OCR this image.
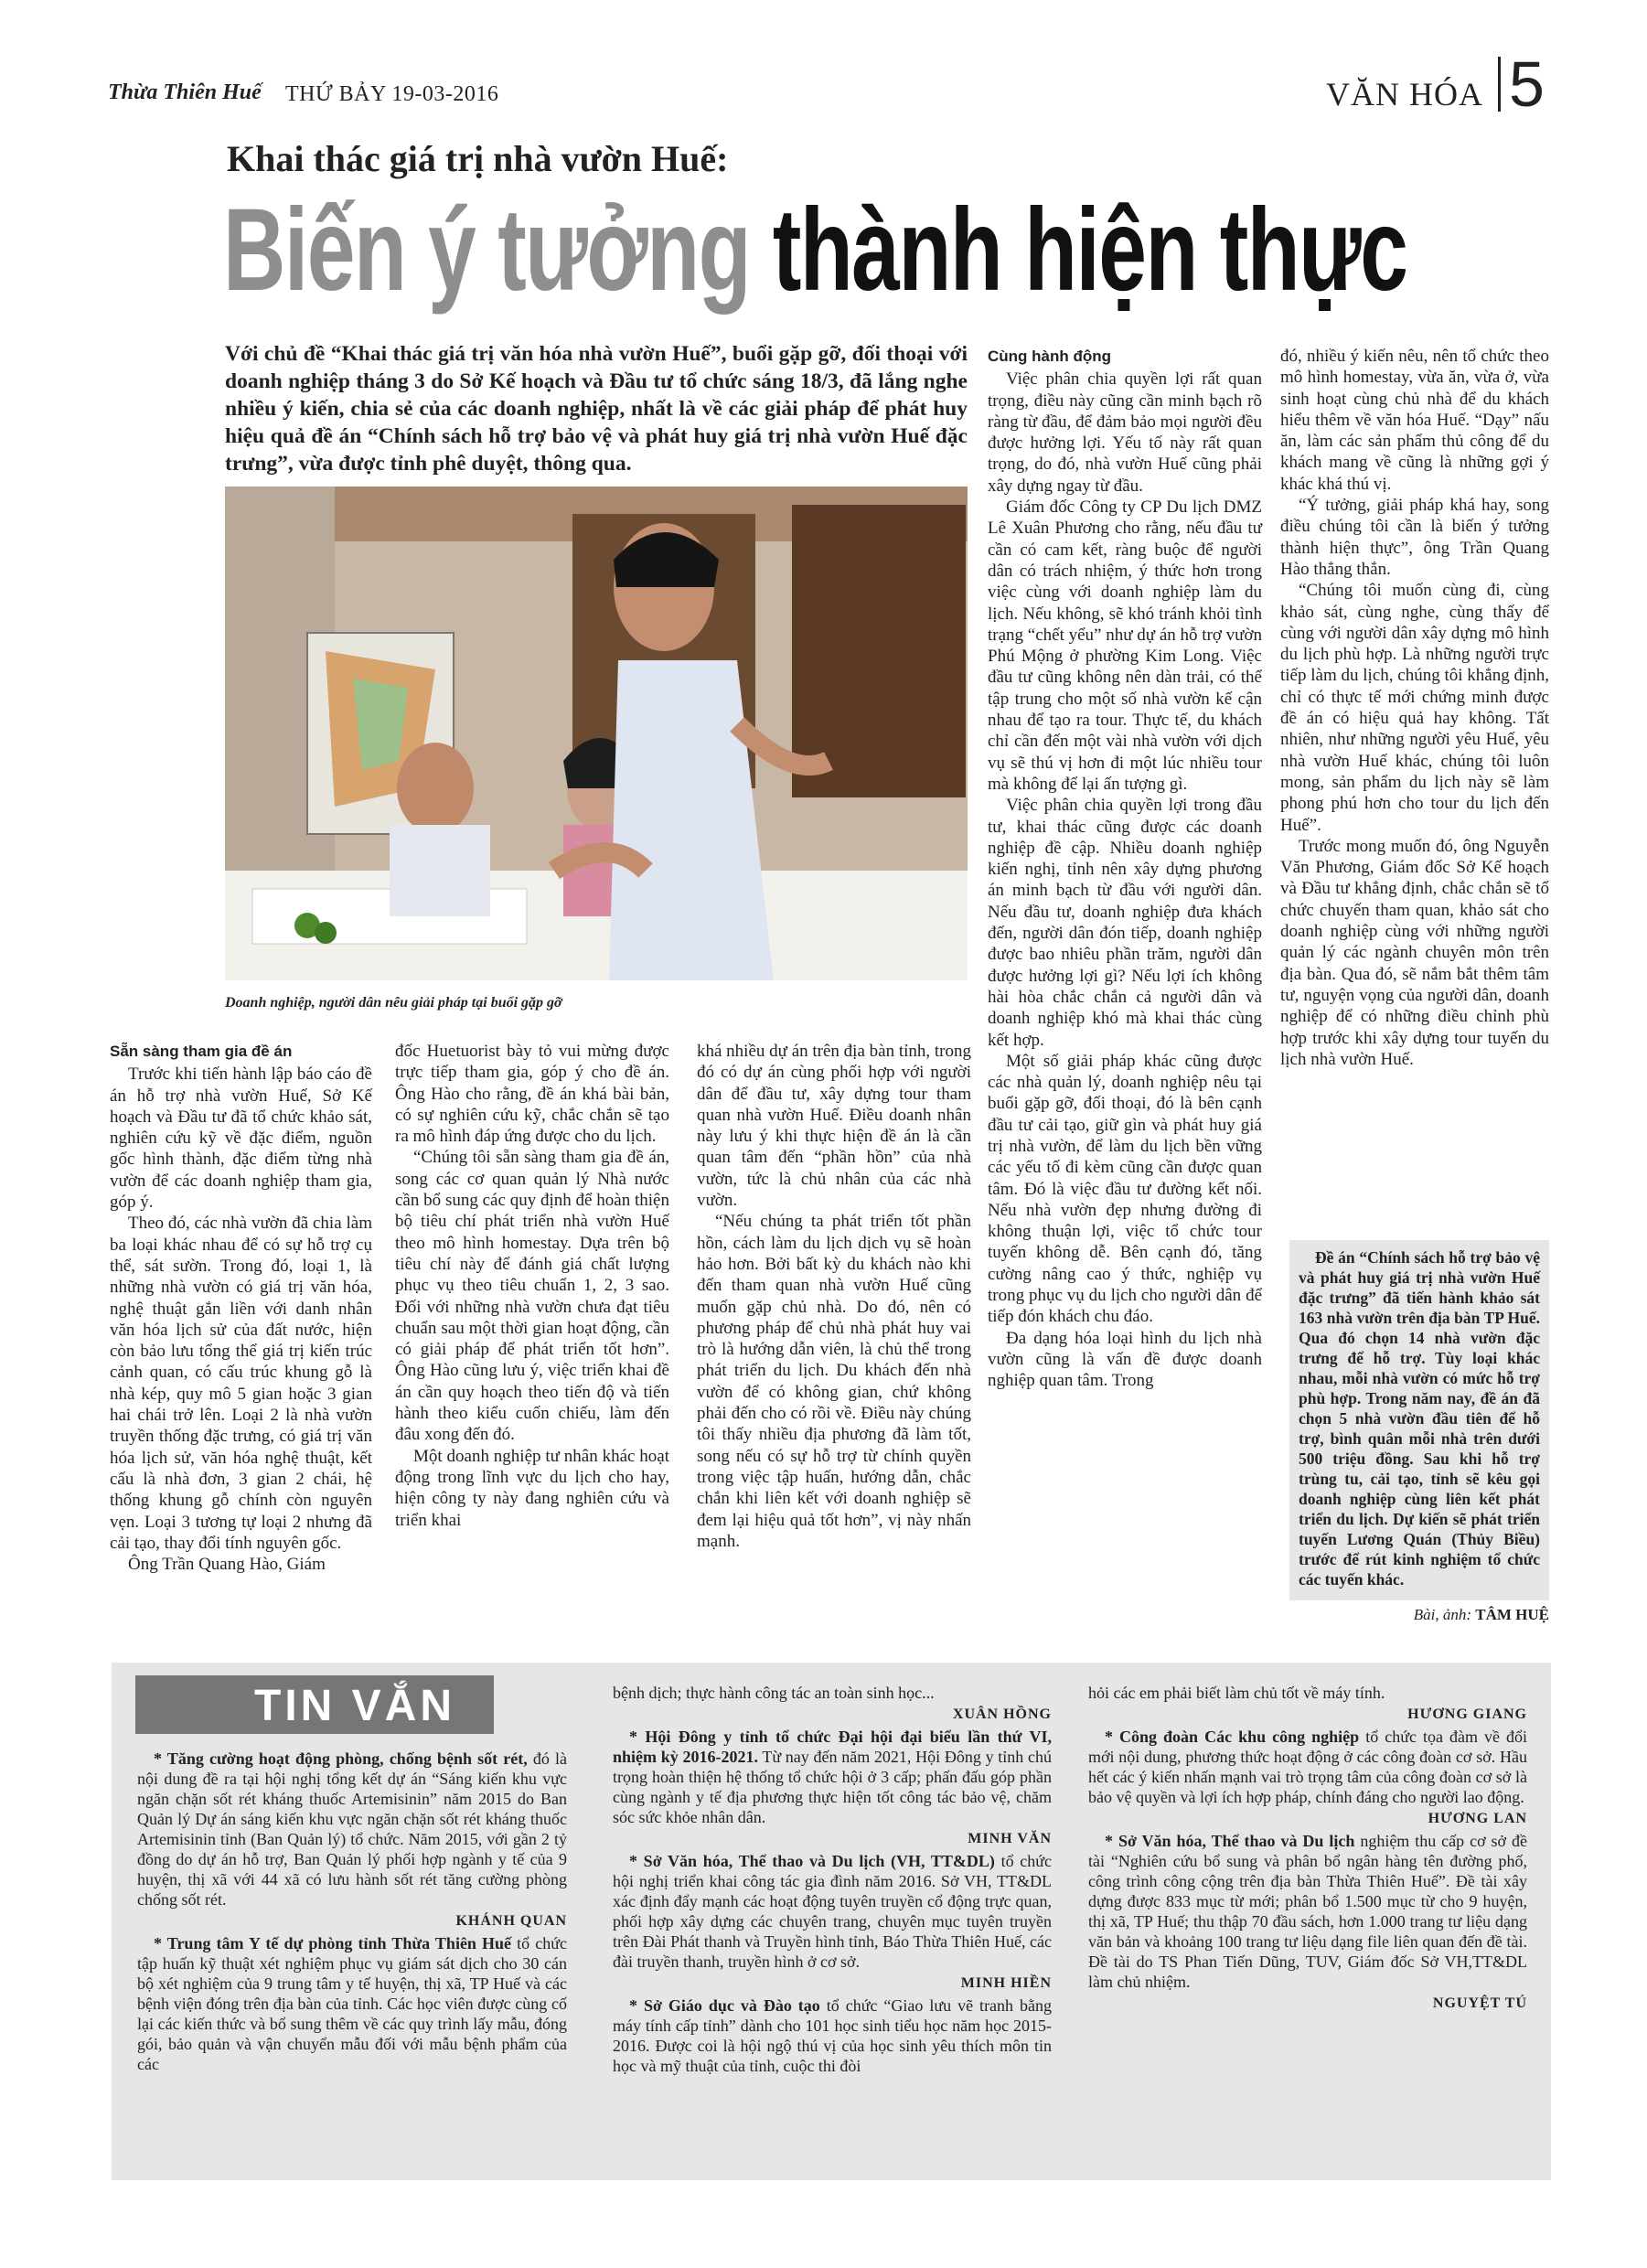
Thừa Thiên Huế THỨ BẢY 19-03-2016	VĂN HÓA 5
Khai thác giá trị nhà vườn Huế:
Biến ý tưởng thành hiện thực
Với chủ đề “Khai thác giá trị văn hóa nhà vườn Huế”, buổi gặp gỡ, đối thoại với doanh nghiệp tháng 3 do Sở Kế hoạch và Đầu tư tổ chức sáng 18/3, đã lắng nghe nhiều ý kiến, chia sẻ của các doanh nghiệp, nhất là về các giải pháp để phát huy hiệu quả đề án “Chính sách hỗ trợ bảo vệ và phát huy giá trị nhà vườn Huế đặc trưng”, vừa được tỉnh phê duyệt, thông qua.
Doanh nghiệp, người dân nêu giải pháp tại buổi gặp gỡ

Sẵn sàng tham gia đề án

Trước khi tiến hành lập báo cáo đề án hỗ trợ nhà vườn Huế, Sở Kế hoạch và Đầu tư đã tổ chức khảo sát, nghiên cứu kỹ về đặc điểm, nguồn gốc hình thành, đặc điểm từng nhà vườn để các doanh nghiệp tham gia, góp ý.

Theo đó, các nhà vườn đã chia làm ba loại khác nhau để có sự hỗ trợ cụ thể, sát sườn. Trong đó, loại 1, là những nhà vườn có giá trị văn hóa, nghệ thuật gắn liền với danh nhân văn hóa lịch sử của đất nước, hiện còn bảo lưu tổng thể giá trị kiến trúc cảnh quan, có cấu trúc khung gỗ là nhà kép, quy mô 5 gian hoặc 3 gian hai chái trở lên. Loại 2 là nhà vườn truyền thống đặc trưng, có giá trị văn hóa lịch sử, văn hóa nghệ thuật, kết cấu là nhà đơn, 3 gian 2 chái, hệ thống khung gỗ chính còn nguyên vẹn. Loại 3 tương tự loại 2 nhưng đã cải tạo, thay đổi tính nguyên gốc.

Ông Trần Quang Hào, Giám

đốc Huetuorist bày tỏ vui mừng được trực tiếp tham gia, góp ý cho đề án. Ông Hào cho rằng, đề án khá bài bản, có sự nghiên cứu kỹ, chắc chắn sẽ tạo ra mô hình đáp ứng được cho du lịch.

“Chúng tôi sẵn sàng tham gia đề án, song các cơ quan quản lý Nhà nước cần bổ sung các quy định để hoàn thiện bộ tiêu chí phát triển nhà vườn Huế theo mô hình homestay. Dựa trên bộ tiêu chí này để đánh giá chất lượng phục vụ theo tiêu chuẩn 1, 2, 3 sao. Đối với những nhà vườn chưa đạt tiêu chuẩn sau một thời gian hoạt động, cần có giải pháp để phát triển tốt hơn”. Ông Hào cũng lưu ý, việc triển khai đề án cần quy hoạch theo tiến độ và tiến hành theo kiểu cuốn chiếu, làm đến đâu xong đến đó.

Một doanh nghiệp tư nhân khác hoạt động trong lĩnh vực du lịch cho hay, hiện công ty này đang nghiên cứu và triển khai

khá nhiều dự án trên địa bàn tỉnh, trong đó có dự án cùng phối hợp với người dân để đầu tư, xây dựng tour tham quan nhà vườn Huế. Điều doanh nhân này lưu ý khi thực hiện đề án là cần quan tâm đến “phần hồn” của nhà vườn, tức là chủ nhân của các nhà vườn.

“Nếu chúng ta phát triển tốt phần hồn, cách làm du lịch dịch vụ sẽ hoàn hảo hơn. Bởi bất kỳ du khách nào khi đến tham quan nhà vườn Huế cũng muốn gặp chủ nhà. Do đó, nên có phương pháp để chủ nhà phát huy vai trò là hướng dẫn viên, là chủ thể trong phát triển du lịch. Du khách đến nhà vườn để có không gian, chứ không phải đến cho có rồi về. Điều này chúng tôi thấy nhiều địa phương đã làm tốt, song nếu có sự hỗ trợ từ chính quyền trong việc tập huấn, hướng dẫn, chắc chắn khi liên kết với doanh nghiệp sẽ đem lại hiệu quả tốt hơn”, vị này nhấn mạnh.

Cùng hành động

Việc phân chia quyền lợi rất quan trọng, điều này cũng cần minh bạch rõ ràng từ đầu, để đảm bảo mọi người đều được hưởng lợi. Yếu tố này rất quan trọng, do đó, nhà vườn Huế cũng phải xây dựng ngay từ đầu.

Giám đốc Công ty CP Du lịch DMZ Lê Xuân Phương cho rằng, nếu đầu tư cần có cam kết, ràng buộc để người dân có trách nhiệm, ý thức hơn trong việc cùng với doanh nghiệp làm du lịch. Nếu không, sẽ khó tránh khỏi tình trạng “chết yểu” như dự án hỗ trợ vườn Phú Mộng ở phường Kim Long. Việc đầu tư cũng không nên dàn trải, có thể tập trung cho một số nhà vườn kế cận nhau để tạo ra tour. Thực tế, du khách chỉ cần đến một vài nhà vườn với dịch vụ sẽ thú vị hơn đi một lúc nhiều tour mà không để lại ấn tượng gì.

Việc phân chia quyền lợi trong đầu tư, khai thác cũng được các doanh nghiệp đề cập. Nhiều doanh nghiệp kiến nghị, tỉnh nên xây dựng phương án minh bạch từ đầu với người dân. Nếu đầu tư, doanh nghiệp đưa khách đến, người dân đón tiếp, doanh nghiệp được bao nhiêu phần trăm, người dân được hưởng lợi gì? Nếu lợi ích không hài hòa chắc chắn cả người dân và doanh nghiệp khó mà khai thác cùng kết hợp.

Một số giải pháp khác cũng được các nhà quản lý, doanh nghiệp nêu tại buổi gặp gỡ, đối thoại, đó là bên cạnh đầu tư cải tạo, giữ gìn và phát huy giá trị nhà vườn, để làm du lịch bền vững các yếu tố đi kèm cũng cần được quan tâm. Đó là việc đầu tư đường kết nối. Nếu nhà vườn đẹp nhưng đường đi không thuận lợi, việc tổ chức tour tuyến không dễ. Bên cạnh đó, tăng cường nâng cao ý thức, nghiệp vụ trong phục vụ du lịch cho người dân để tiếp đón khách chu đáo.

Đa dạng hóa loại hình du lịch nhà vườn cũng là vấn đề được doanh nghiệp quan tâm. Trong

đó, nhiều ý kiến nêu, nên tổ chức theo mô hình homestay, vừa ăn, vừa ở, vừa sinh hoạt cùng chủ nhà để du khách hiểu thêm về văn hóa Huế. “Dạy” nấu ăn, làm các sản phẩm thủ công để du khách mang về cũng là những gợi ý khác khá thú vị.

“Ý tưởng, giải pháp khá hay, song điều chúng tôi cần là biến ý tưởng thành hiện thực”, ông Trần Quang Hào thẳng thắn.

“Chúng tôi muốn cùng đi, cùng khảo sát, cùng nghe, cùng thấy để cùng với người dân xây dựng mô hình du lịch phù hợp. Là những người trực tiếp làm du lịch, chúng tôi khẳng định, chỉ có thực tế mới chứng minh được đề án có hiệu quả hay không. Tất nhiên, như những người yêu Huế, yêu nhà vườn Huế khác, chúng tôi luôn mong, sản phẩm du lịch này sẽ làm phong phú hơn cho tour du lịch đến Huế”.

Trước mong muốn đó, ông Nguyễn Văn Phương, Giám đốc Sở Kế hoạch và Đầu tư khẳng định, chắc chắn sẽ tổ chức chuyến tham quan, khảo sát cho doanh nghiệp cùng với những người quản lý các ngành chuyên môn trên địa bàn. Qua đó, sẽ nắm bắt thêm tâm tư, nguyện vọng của người dân, doanh nghiệp để có những điều chỉnh phù hợp trước khi xây dựng tour tuyến du lịch nhà vườn Huế.

Đề án “Chính sách hỗ trợ bảo vệ và phát huy giá trị nhà vườn Huế đặc trưng” đã tiến hành khảo sát 163 nhà vườn trên địa bàn TP Huế. Qua đó chọn 14 nhà vườn đặc trưng để hỗ trợ. Tùy loại khác nhau, mỗi nhà vườn có mức hỗ trợ phù hợp. Trong năm nay, đề án đã chọn 5 nhà vườn đầu tiên để hỗ trợ, bình quân mỗi nhà trên dưới 500 triệu đồng. Sau khi hỗ trợ trùng tu, cải tạo, tỉnh sẽ kêu gọi doanh nghiệp cùng liên kết phát triển du lịch. Dự kiến sẽ phát triển tuyến Lương Quán (Thủy Biều) trước để rút kinh nghiệm tổ chức các tuyến khác.

Bài, ảnh: TÂM HUỆ
TIN VẮN

* Tăng cường hoạt động phòng, chống bệnh sốt rét, đó là nội dung đề ra tại hội nghị tổng kết dự án “Sáng kiến khu vực ngăn chặn sốt rét kháng thuốc Artemisinin” năm 2015 do Ban Quản lý Dự án sáng kiến khu vực ngăn chặn sốt rét kháng thuốc Artemisinin tỉnh (Ban Quản lý) tổ chức. Năm 2015, với gần 2 tỷ đồng do dự án hỗ trợ, Ban Quản lý phối hợp ngành y tế của 9 huyện, thị xã với 44 xã có lưu hành sốt rét tăng cường phòng chống sốt rét.

KHÁNH QUAN

* Trung tâm Y tế dự phòng tỉnh Thừa Thiên Huế tổ chức tập huấn kỹ thuật xét nghiệm phục vụ giám sát dịch cho 30 cán bộ xét nghiệm của 9 trung tâm y tế huyện, thị xã, TP Huế và các bệnh viện đóng trên địa bàn của tỉnh. Các học viên được cùng cố lại các kiến thức và bổ sung thêm về các quy trình lấy mẫu, đóng gói, bảo quản và vận chuyển mẫu đối với mẫu bệnh phẩm của các

bệnh dịch; thực hành công tác an toàn sinh học...

XUÂN HỒNG

* Hội Đông y tỉnh tổ chức Đại hội đại biểu lần thứ VI, nhiệm kỳ 2016-2021. Từ nay đến năm 2021, Hội Đông y tỉnh chú trọng hoàn thiện hệ thống tổ chức hội ở 3 cấp; phấn đấu góp phần cùng ngành y tế địa phương thực hiện tốt công tác bảo vệ, chăm sóc sức khỏe nhân dân.

MINH VĂN

* Sở Văn hóa, Thể thao và Du lịch (VH, TT&DL) tổ chức hội nghị triển khai công tác gia đình năm 2016. Sở VH, TT&DL xác định đẩy mạnh các hoạt động tuyên truyền cổ động trực quan, phối hợp xây dựng các chuyên trang, chuyên mục tuyên truyền trên Đài Phát thanh và Truyền hình tỉnh, Báo Thừa Thiên Huế, các đài truyền thanh, truyền hình ở cơ sở.

MINH HIỀN

* Sở Giáo dục và Đào tạo tổ chức “Giao lưu vẽ tranh bằng máy tính cấp tỉnh” dành cho 101 học sinh tiểu học năm học 2015-2016. Được coi là hội ngộ thú vị của học sinh yêu thích môn tin học và mỹ thuật của tỉnh, cuộc thi đòi

hỏi các em phải biết làm chủ tốt về máy tính.

HƯƠNG GIANG

* Công đoàn Các khu công nghiệp tổ chức tọa đàm về đổi mới nội dung, phương thức hoạt động ở các công đoàn cơ sở. Hầu hết các ý kiến nhấn mạnh vai trò trọng tâm của công đoàn cơ sở là bảo vệ quyền và lợi ích hợp pháp, chính đáng cho người lao động.

HƯƠNG LAN

* Sở Văn hóa, Thể thao và Du lịch nghiệm thu cấp cơ sở đề tài “Nghiên cứu bổ sung và phân bổ ngân hàng tên đường phố, công trình công cộng trên địa bàn Thừa Thiên Huế”. Đề tài xây dựng được 833 mục từ mới; phân bổ 1.500 mục từ cho 9 huyện, thị xã, TP Huế; thu thập 70 đầu sách, hơn 1.000 trang tư liệu dạng văn bản và khoảng 100 trang tư liệu dạng file liên quan đến đề tài. Đề tài do TS Phan Tiến Dũng, TUV, Giám đốc Sở VH,TT&DL làm chủ nhiệm.

NGUYỆT TÚ
